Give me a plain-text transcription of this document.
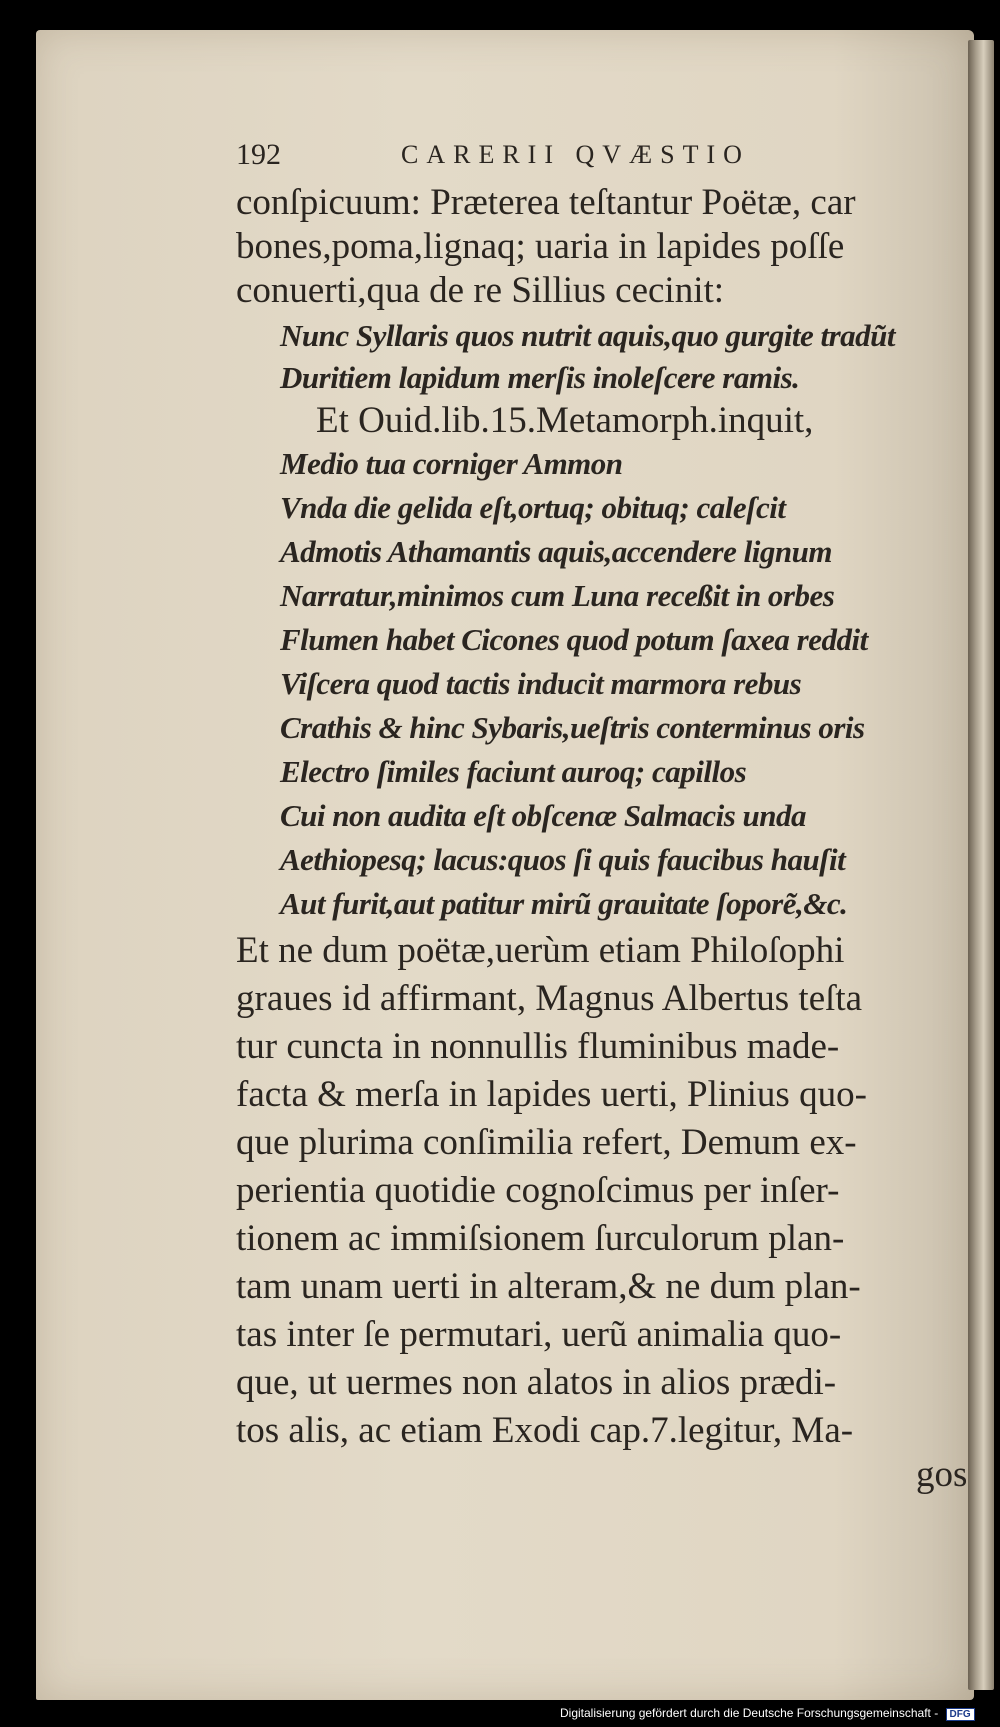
192	CARERII QVÆSTIO
conſpicuum: Præterea teſtantur Poëtæ, car
bones,poma,lignaq; uaria in lapides poſſe
conuerti,qua de re Sillius cecinit:
Nunc Syllaris quos nutrit aquis,quo gurgite tradũt
Duritiem lapidum merſis inoleſcere ramis.
Et Ouid.lib.15.Metamorph.inquit,
Medio tua corniger Ammon
Vnda die gelida eſt,ortuq; obituq; caleſcit
Admotis Athamantis aquis,accendere lignum
Narratur,minimos cum Luna receßit in orbes
Flumen habet Cicones quod potum ſaxea reddit
Viſcera quod tactis inducit marmora rebus
Crathis & hinc Sybaris,ueſtris conterminus oris
Electro ſimiles faciunt auroq; capillos
Cui non audita eſt obſcenæ Salmacis unda
Aethiopesq; lacus:quos ſi quis faucibus hauſit
Aut furit,aut patitur mirũ grauitate ſoporẽ,&c.
Et ne dum poëtæ,uerùm etiam Philoſophi
graues id affirmant, Magnus Albertus teſta
tur cuncta in nonnullis fluminibus made-
facta & merſa in lapides uerti, Plinius quo-
que plurima conſimilia refert, Demum ex-
perientia quotidie cognoſcimus per inſer-
tionem ac immiſsionem ſurculorum plan-
tam unam uerti in alteram,& ne dum plan-
tas inter ſe permutari, uerũ animalia quo-
que, ut uermes non alatos in alios prædi-
tos alis, ac etiam Exodi cap.7.legitur, Ma-
gos
Digitalisierung gefördert durch die Deutsche Forschungsgemeinschaft - DFG
